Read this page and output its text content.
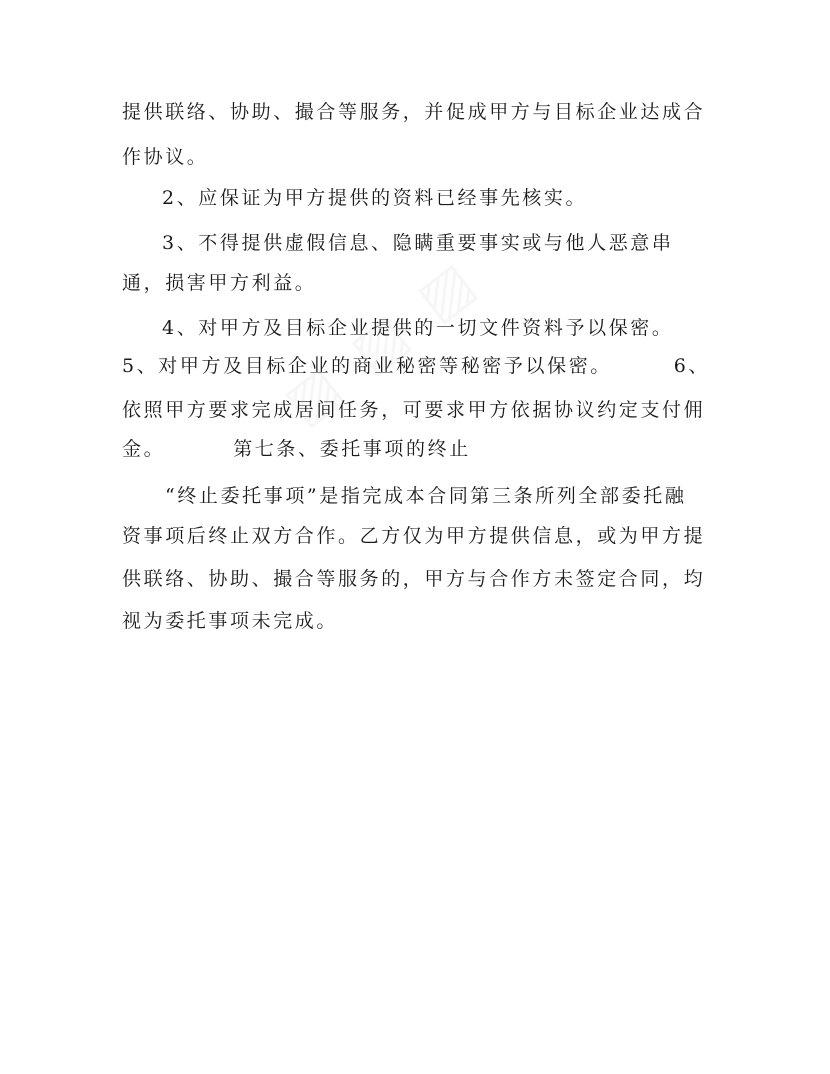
提供联络、协助、撮合等服务，并促成甲方与目标企业达成合
作协议。
2、应保证为甲方提供的资料已经事先核实。
3、不得提供虚假信息、隐瞒重要事实或与他人恶意串
通，损害甲方利益。
4、对甲方及目标企业提供的一切文件资料予以保密。
5、对甲方及目标企业的商业秘密等秘密予以保密。	6、
依照甲方要求完成居间任务，可要求甲方依据协议约定支付佣
金。	第七条、委托事项的终止
“终止委托事项”是指完成本合同第三条所列全部委托融
资事项后终止双方合作。乙方仅为甲方提供信息，或为甲方提
供联络、协助、撮合等服务的，甲方与合作方未签定合同，均
视为委托事项未完成。
